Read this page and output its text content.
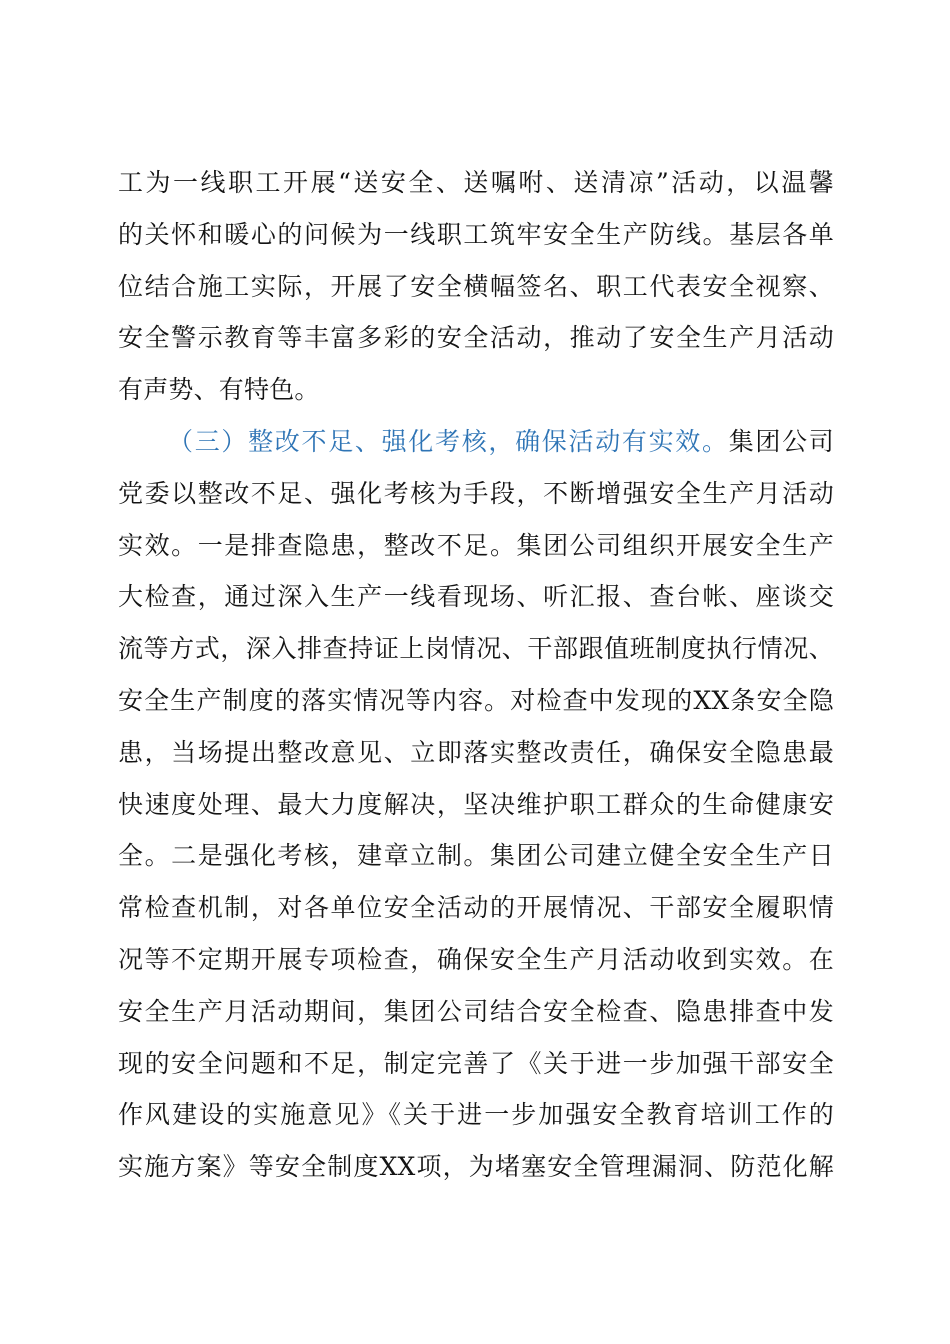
工为一线职工开展“送安全、送嘱咐、送清凉”活动，以温馨
的关怀和暖心的问候为一线职工筑牢安全生产防线。基层各单
位结合施工实际，开展了安全横幅签名、职工代表安全视察、
安全警示教育等丰富多彩的安全活动，推动了安全生产月活动
有声势、有特色。
（三）整改不足、强化考核，确保活动有实效。集团公司
党委以整改不足、强化考核为手段，不断增强安全生产月活动
实效。一是排查隐患，整改不足。集团公司组织开展安全生产
大检查，通过深入生产一线看现场、听汇报、查台帐、座谈交
流等方式，深入排查持证上岗情况、干部跟值班制度执行情况、
安全生产制度的落实情况等内容。对检查中发现的XX条安全隐
患，当场提出整改意见、立即落实整改责任，确保安全隐患最
快速度处理、最大力度解决，坚决维护职工群众的生命健康安
全。二是强化考核，建章立制。集团公司建立健全安全生产日
常检查机制，对各单位安全活动的开展情况、干部安全履职情
况等不定期开展专项检查，确保安全生产月活动收到实效。在
安全生产月活动期间，集团公司结合安全检查、隐患排查中发
现的安全问题和不足，制定完善了《关于进一步加强干部安全
作风建设的实施意见》《关于进一步加强安全教育培训工作的
实施方案》等安全制度XX项，为堵塞安全管理漏洞、防范化解
